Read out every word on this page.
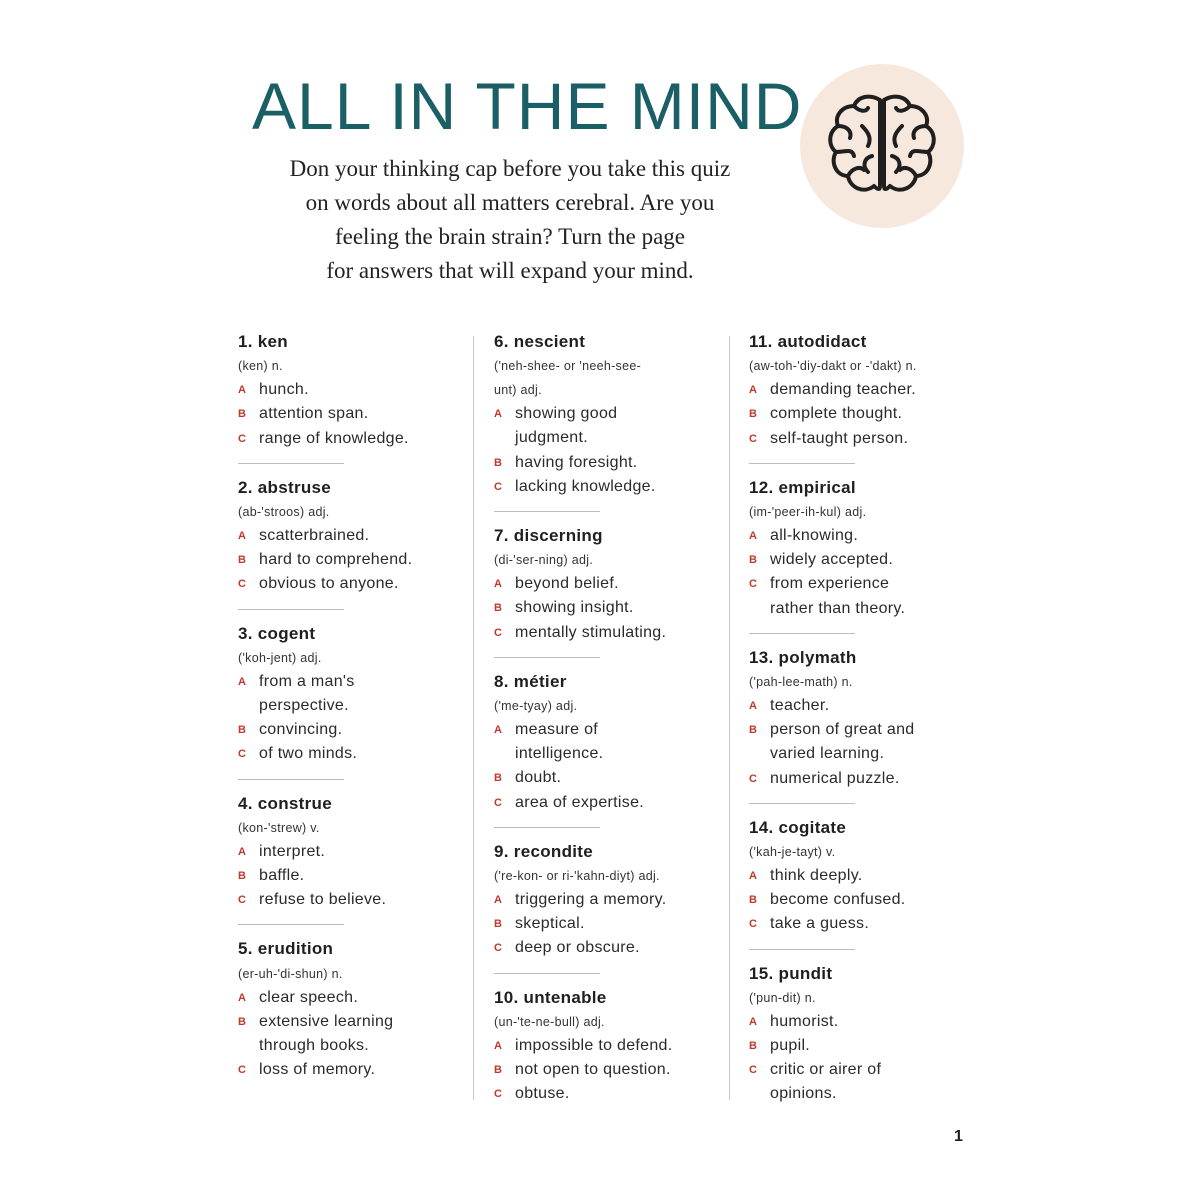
ALL IN THE MIND
Don your thinking cap before you take this quiz
on words about all matters cerebral. Are you
feeling the brain strain? Turn the page
for answers that will expand your mind.
1. ken
(ken) n.
A hunch.
B attention span.
C range of knowledge.
2. abstruse
(ab-'stroos) adj.
A scatterbrained.
B hard to comprehend.
C obvious to anyone.
3. cogent
('koh-jent) adj.
A from a man's
perspective.
B convincing.
C of two minds.
4. construe
(kon-'strew) v.
A interpret.
B baffle.
C refuse to believe.
5. erudition
(er-uh-'di-shun) n.
A clear speech.
B extensive learning
through books.
C loss of memory.
6. nescient
('neh-shee- or 'neeh-see-
unt) adj.
A showing good
judgment.
B having foresight.
C lacking knowledge.
7. discerning
(di-'ser-ning) adj.
A beyond belief.
B showing insight.
C mentally stimulating.
8. métier
('me-tyay) adj.
A measure of
intelligence.
B doubt.
C area of expertise.
9. recondite
('re-kon- or ri-'kahn-diyt) adj.
A triggering a memory.
B skeptical.
C deep or obscure.
10. untenable
(un-'te-ne-bull) adj.
A impossible to defend.
B not open to question.
C obtuse.
11. autodidact
(aw-toh-'diy-dakt or -'dakt) n.
A demanding teacher.
B complete thought.
C self-taught person.
12. empirical
(im-'peer-ih-kul) adj.
A all-knowing.
B widely accepted.
C from experience
rather than theory.
13. polymath
('pah-lee-math) n.
A teacher.
B person of great and
varied learning.
C numerical puzzle.
14. cogitate
('kah-je-tayt) v.
A think deeply.
B become confused.
C take a guess.
15. pundit
('pun-dit) n.
A humorist.
B pupil.
C critic or airer of
opinions.
1
